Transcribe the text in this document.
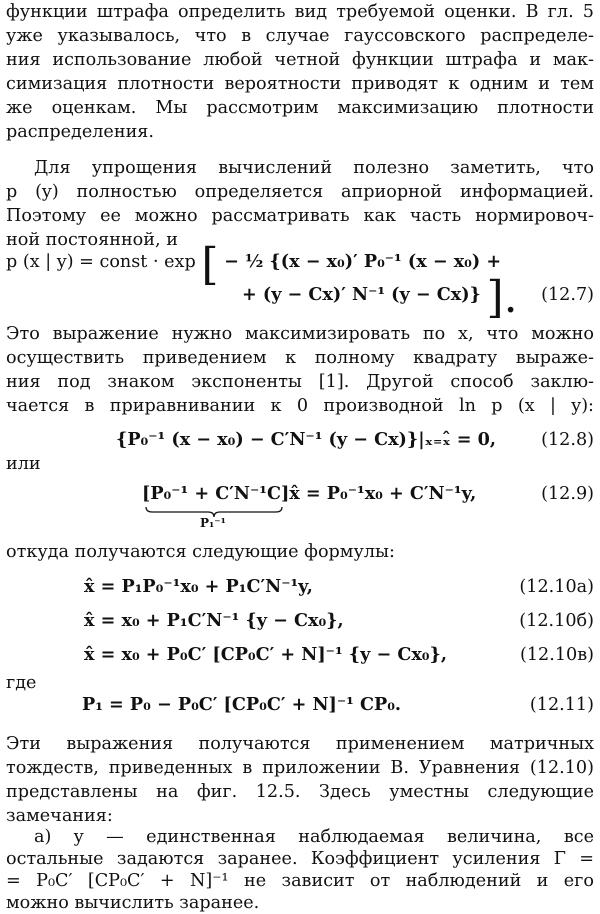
функции штрафа определить вид требуемой оценки. В гл. 5
уже указывалось, что в случае гауссовского распределе-
ния использование любой четной функции штрафа и мак-
симизация плотности вероятности приводят к одним и тем
же оценкам. Мы рассмотрим максимизацию плотности
распределения.
Для упрощения вычислений полезно заметить, что
p (y) полностью определяется априорной информацией.
Поэтому ее можно рассматривать как часть нормировоч-
ной постоянной, и
p (x | y) = const · exp [ − ½ {(x − x₀)′ P₀⁻¹ (x − x₀) +
+ (y − Cx)′ N⁻¹ (y − Cx)} ]. (12.7)
Это выражение нужно максимизировать по x, что можно
осуществить приведением к полному квадрату выраже-
ния под знаком экспоненты [1]. Другой способ заклю-
чается в приравнивании к 0 производной ln p (x | y):
{P₀⁻¹ (x − x₀) − C′N⁻¹ (y − Cx)}|ₓ₌ₓ̂ = 0,	(12.8)
или
[P₀⁻¹ + C′N⁻¹C]x̂ = P₀⁻¹x₀ + C′N⁻¹y,
P₁⁻¹
(12.9)
откуда получаются следующие формулы:
x̂ = P₁P₀⁻¹x₀ + P₁C′N⁻¹y,	(12.10а)
x̂ = x₀ + P₁C′N⁻¹ {y − Cx₀},	(12.10б)
x̂ = x₀ + P₀C′ [CP₀C′ + N]⁻¹ {y − Cx₀},	(12.10в)
где
P₁ = P₀ − P₀C′ [CP₀C′ + N]⁻¹ CP₀.	(12.11)
Эти выражения получаются применением матричных
тождеств, приведенных в приложении В. Уравнения (12.10)
представлены на фиг. 12.5. Здесь уместны следующие
замечания:
а) y — единственная наблюдаемая величина, все
остальные задаются заранее. Коэффициент усиления Γ =
= P₀C′ [CP₀C′ + N]⁻¹ не зависит от наблюдений и его
можно вычислить заранее.
